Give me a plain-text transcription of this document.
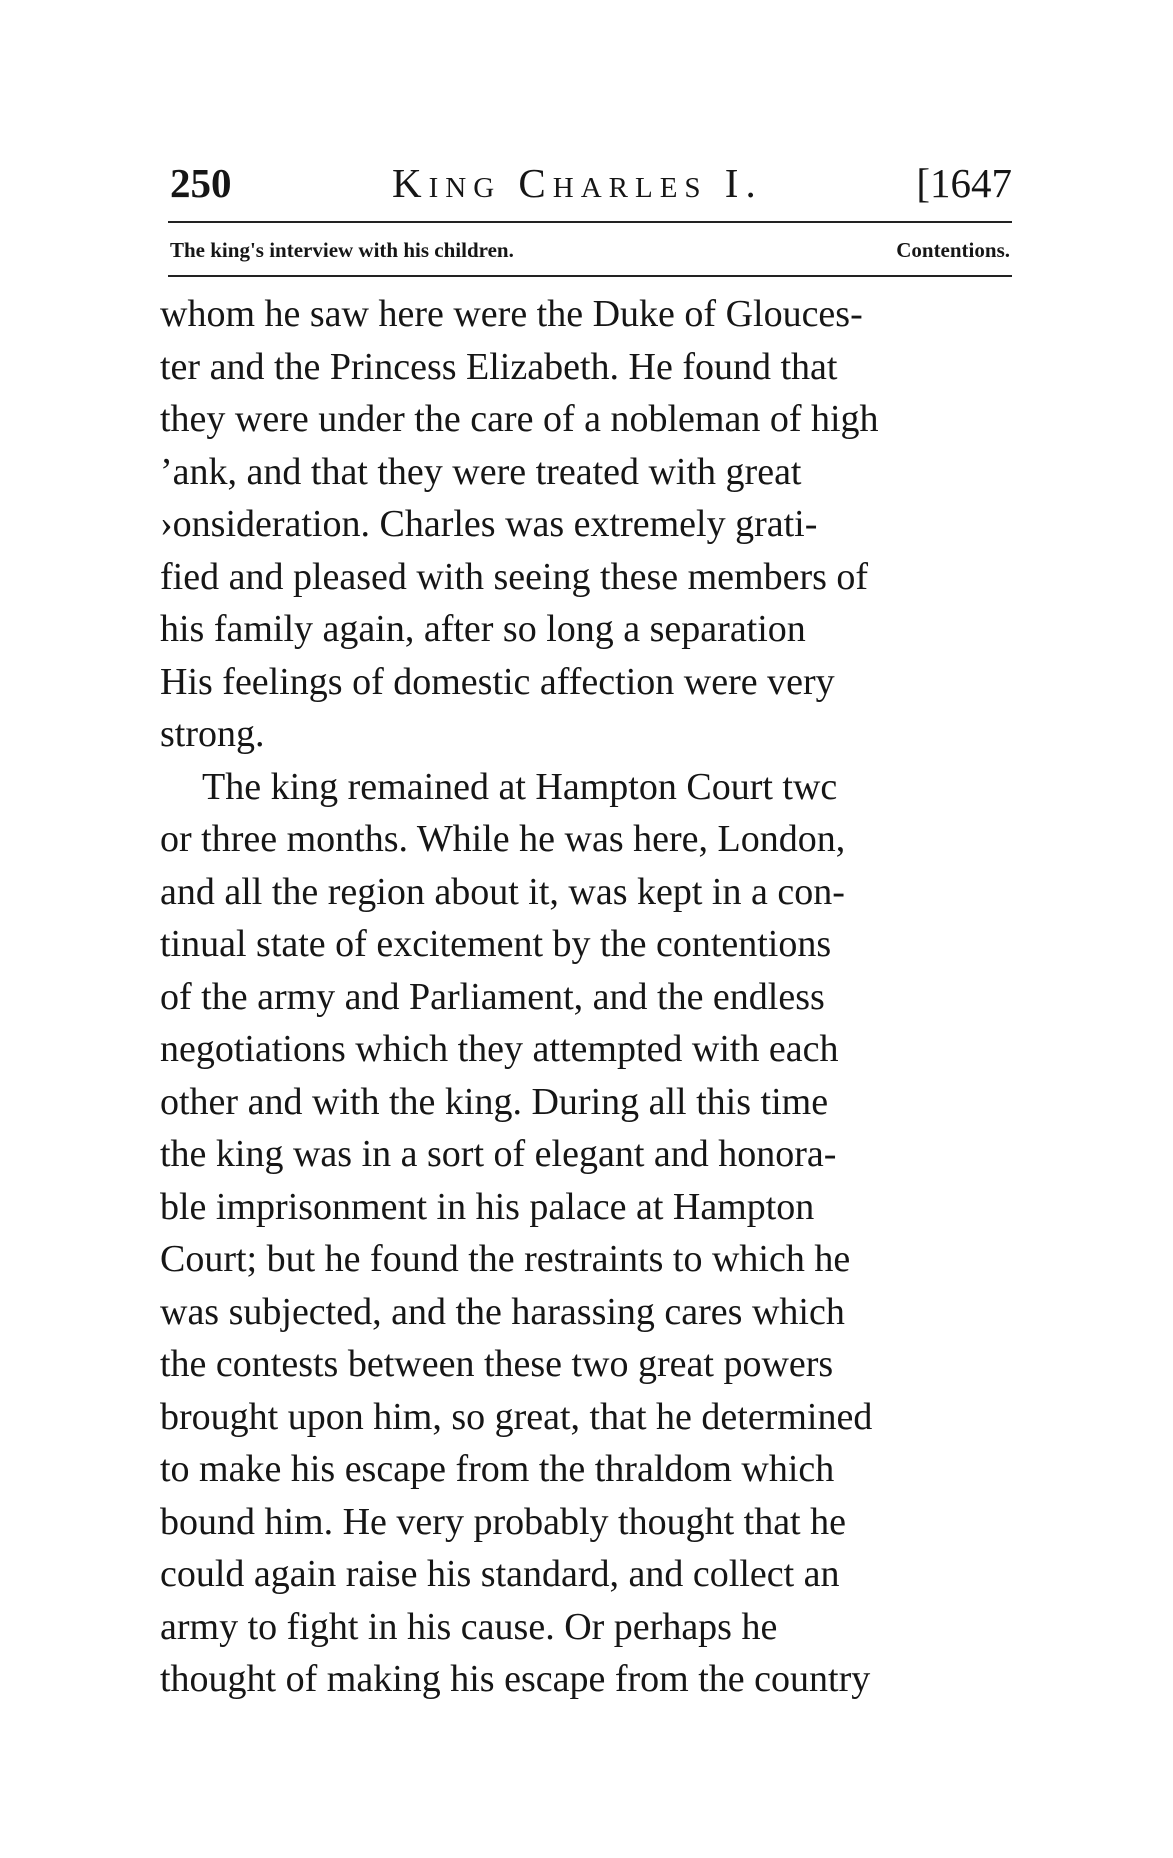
250	King Charles I.	[1647
The king's interview with his children.	Contentions.
whom he saw here were the Duke of Glouces-
ter and the Princess Elizabeth. He found that
they were under the care of a nobleman of high
’ank, and that they were treated with great
›onsideration. Charles was extremely grati-
fied and pleased with seeing these members of
his family again, after so long a separation
His feelings of domestic affection were very
strong.
The king remained at Hampton Court twc
or three months. While he was here, London,
and all the region about it, was kept in a con-
tinual state of excitement by the contentions
of the army and Parliament, and the endless
negotiations which they attempted with each
other and with the king. During all this time
the king was in a sort of elegant and honora-
ble imprisonment in his palace at Hampton
Court; but he found the restraints to which he
was subjected, and the harassing cares which
the contests between these two great powers
brought upon him, so great, that he determined
to make his escape from the thraldom which
bound him. He very probably thought that he
could again raise his standard, and collect an
army to fight in his cause. Or perhaps he
thought of making his escape from the country
